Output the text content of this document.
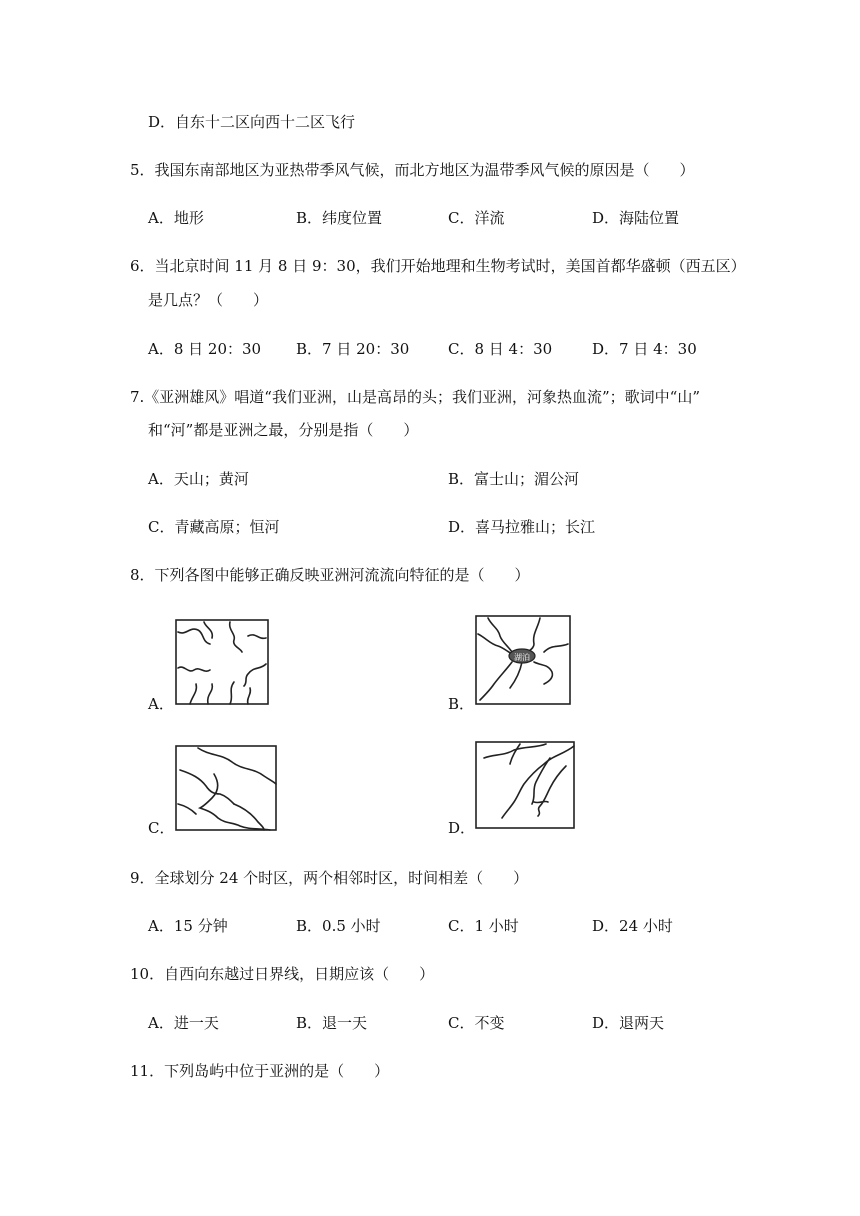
D．自东十二区向西十二区飞行
5．我国东南部地区为亚热带季风气候，而北方地区为温带季风气候的原因是（　　）
A．地形	B．纬度位置	C．洋流	D．海陆位置
6．当北京时间 11 月 8 日 9：30，我们开始地理和生物考试时，美国首都华盛顿（西五区）
是几点？（　　）
A．8 日 20：30 B．7 日 20：30	C．8 日 4：30	D．7 日 4：30
7.《亚洲雄风》唱道“我们亚洲，山是高昂的头；我们亚洲，河象热血流”；歌词中“山”
和“河”都是亚洲之最，分别是指（　　）
A．天山；黄河	B．富士山；湄公河
C．青藏高原；恒河	D．喜马拉雅山；长江
8．下列各图中能够正确反映亚洲河流流向特征的是（　　）
A．	B．
湖泊
C．	D．
9．全球划分 24 个时区，两个相邻时区，时间相差（　　）
A．15 分钟	B．0.5 小时	C．1 小时	D．24 小时
10．自西向东越过日界线，日期应该（　　）
A．进一天	B．退一天	C．不变	D．退两天
11．下列岛屿中位于亚洲的是（　　）
